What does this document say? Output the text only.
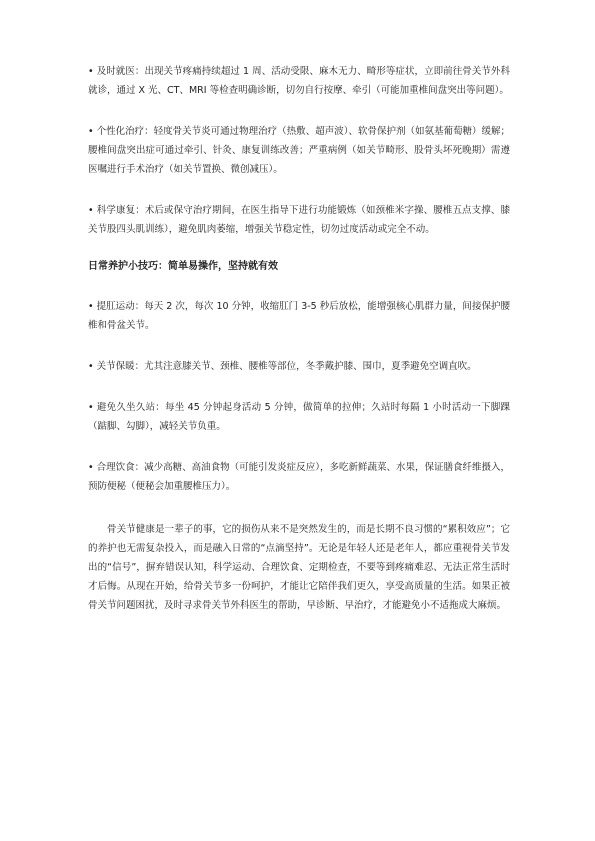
• 及时就医：出现关节疼痛持续超过 1 周、活动受限、麻木无力、畸形等症状，立即前往骨关节外科就诊，通过 X 光、CT、MRI 等检查明确诊断，切勿自行按摩、牵引（可能加重椎间盘突出等问题）。

• 个性化治疗：轻度骨关节炎可通过物理治疗（热敷、超声波）、软骨保护剂（如氨基葡萄糖）缓解；腰椎间盘突出症可通过牵引、针灸、康复训练改善；严重病例（如关节畸形、股骨头坏死晚期）需遵医嘱进行手术治疗（如关节置换、微创减压）。

• 科学康复：术后或保守治疗期间，在医生指导下进行功能锻炼（如颈椎米字操、腰椎五点支撑、膝关节股四头肌训练），避免肌肉萎缩，增强关节稳定性，切勿过度活动或完全不动。

日常养护小技巧：简单易操作，坚持就有效

• 提肛运动：每天 2 次，每次 10 分钟，收缩肛门 3-5 秒后放松，能增强核心肌群力量，间接保护腰椎和骨盆关节。

• 关节保暖：尤其注意膝关节、颈椎、腰椎等部位，冬季戴护膝、围巾，夏季避免空调直吹。

• 避免久坐久站：每坐 45 分钟起身活动 5 分钟，做简单的拉伸；久站时每隔 1 小时活动一下脚踝（踮脚、勾脚），减轻关节负重。

• 合理饮食：减少高糖、高油食物（可能引发炎症反应），多吃新鲜蔬菜、水果，保证膳食纤维摄入，预防便秘（便秘会加重腰椎压力）。

骨关节健康是一辈子的事，它的损伤从来不是突然发生的，而是长期不良习惯的“累积效应”；它的养护也无需复杂投入，而是融入日常的“点滴坚持”。无论是年轻人还是老年人，都应重视骨关节发出的“信号”，摒弃错误认知，科学运动、合理饮食、定期检查，不要等到疼痛难忍、无法正常生活时才后悔。从现在开始，给骨关节多一份呵护，才能让它陪伴我们更久，享受高质量的生活。如果正被骨关节问题困扰，及时寻求骨关节外科医生的帮助，早诊断、早治疗，才能避免小不适拖成大麻烦。
